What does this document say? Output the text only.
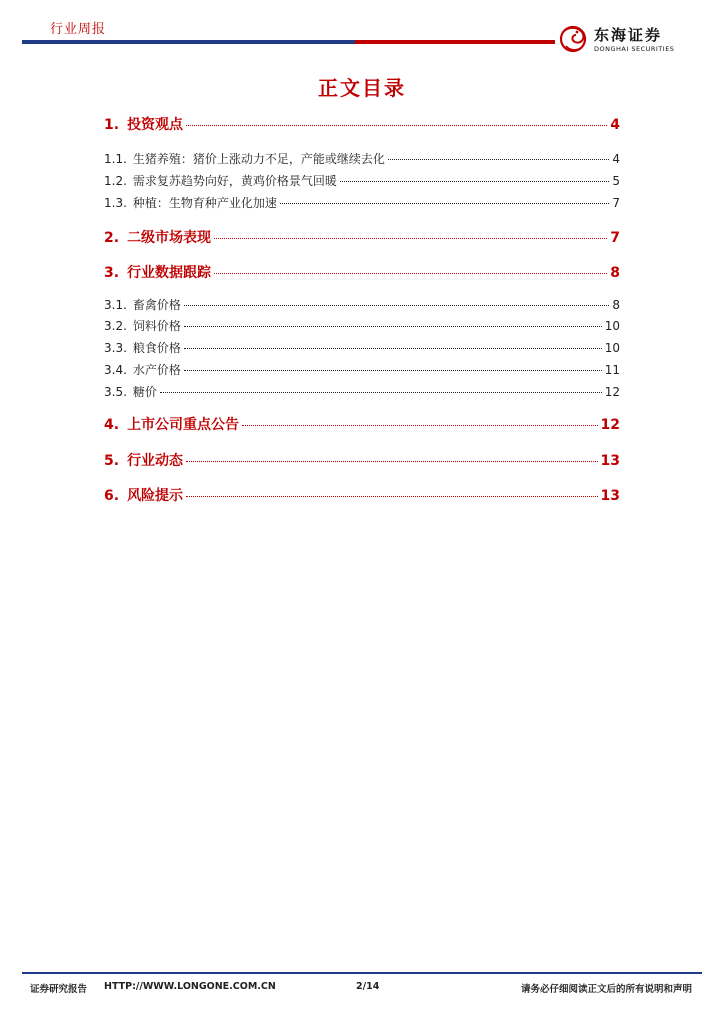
行业周报	东海证券
DONGHAI SECURITIES
正文目录
1. 投资观点	4
1.1. 生猪养殖：猪价上涨动力不足，产能或继续去化	4
1.2. 需求复苏趋势向好，黄鸡价格景气回暖	5
1.3. 种植：生物育种产业化加速	7
2. 二级市场表现	7
3. 行业数据跟踪	8
3.1. 畜禽价格	8
3.2. 饲料价格	10
3.3. 粮食价格	10
3.4. 水产价格	11
3.5. 糖价	12
4. 上市公司重点公告	12
5. 行业动态	13
6. 风险提示	13
证券研究报告 HTTP://WWW.LONGONE.COM.CN	2/14	请务必仔细阅读正文后的所有说明和声明
